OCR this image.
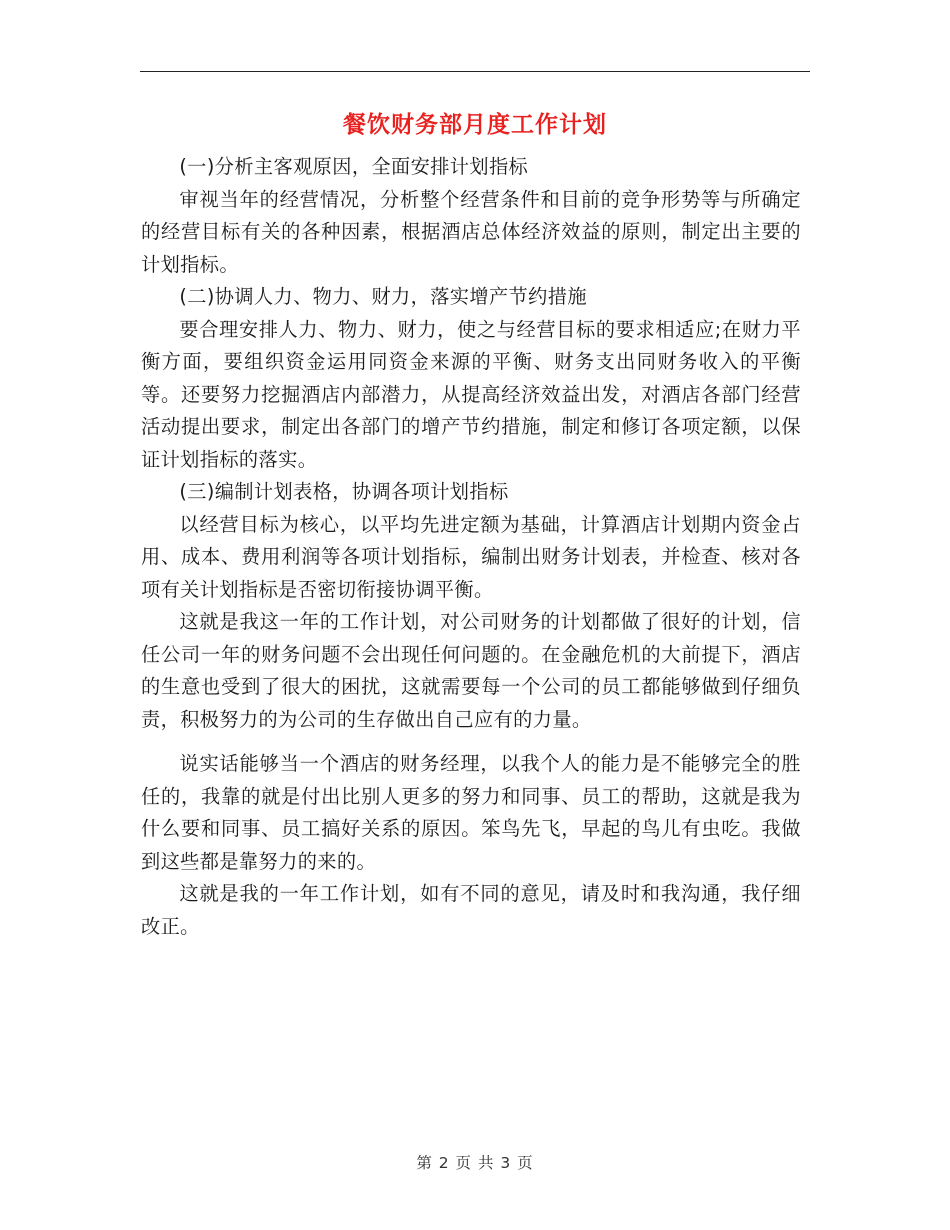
餐饮财务部月度工作计划

(一)分析主客观原因，全面安排计划指标

审视当年的经营情况，分析整个经营条件和目前的竞争形势等与所确定的经营目标有关的各种因素，根据酒店总体经济效益的原则，制定出主要的计划指标。

(二)协调人力、物力、财力，落实增产节约措施

要合理安排人力、物力、财力，使之与经营目标的要求相适应;在财力平衡方面，要组织资金运用同资金来源的平衡、财务支出同财务收入的平衡等。还要努力挖掘酒店内部潜力，从提高经济效益出发，对酒店各部门经营活动提出要求，制定出各部门的增产节约措施，制定和修订各项定额，以保证计划指标的落实。

(三)编制计划表格，协调各项计划指标

以经营目标为核心，以平均先进定额为基础，计算酒店计划期内资金占用、成本、费用利润等各项计划指标，编制出财务计划表，并检查、核对各项有关计划指标是否密切衔接协调平衡。

这就是我这一年的工作计划，对公司财务的计划都做了很好的计划，信任公司一年的财务问题不会出现任何问题的。在金融危机的大前提下，酒店的生意也受到了很大的困扰，这就需要每一个公司的员工都能够做到仔细负责，积极努力的为公司的生存做出自己应有的力量。

说实话能够当一个酒店的财务经理，以我个人的能力是不能够完全的胜任的，我靠的就是付出比别人更多的努力和同事、员工的帮助，这就是我为什么要和同事、员工搞好关系的原因。笨鸟先飞，早起的鸟儿有虫吃。我做到这些都是靠努力的来的。

这就是我的一年工作计划，如有不同的意见，请及时和我沟通，我仔细改正。

第 2 页 共 3 页
